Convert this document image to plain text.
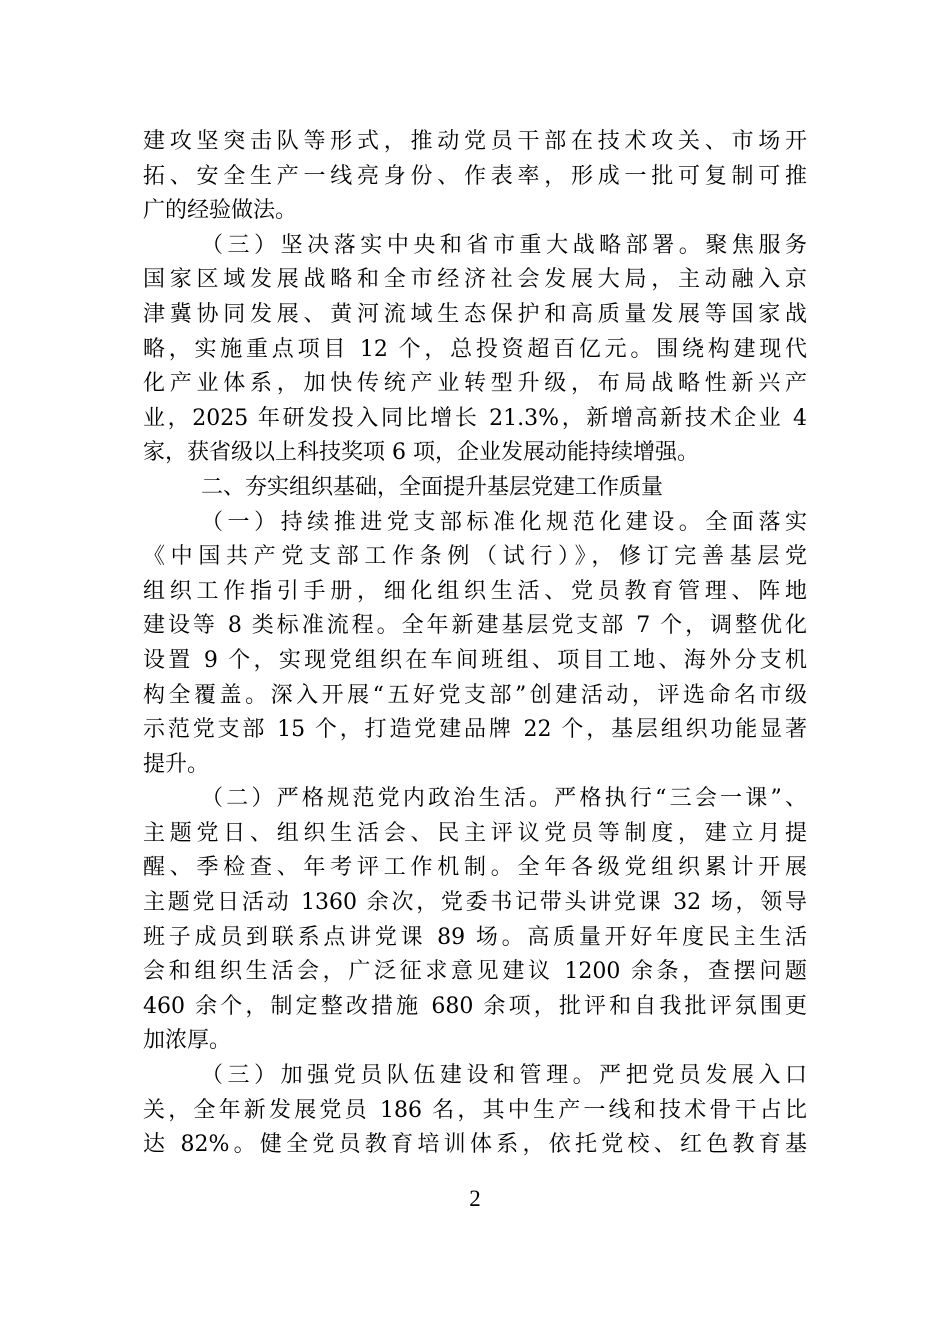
建攻坚突击队等形式，推动党员干部在技术攻关、市场开
拓、安全生产一线亮身份、作表率，形成一批可复制可推
广的经验做法。
（三）坚决落实中央和省市重大战略部署。聚焦服务
国家区域发展战略和全市经济社会发展大局，主动融入京
津冀协同发展、黄河流域生态保护和高质量发展等国家战
略，实施重点项目 12 个，总投资超百亿元。围绕构建现代
化产业体系，加快传统产业转型升级，布局战略性新兴产
业，2025 年研发投入同比增长 21.3%，新增高新技术企业 4
家，获省级以上科技奖项 6 项，企业发展动能持续增强。
二、夯实组织基础，全面提升基层党建工作质量
（一）持续推进党支部标准化规范化建设。全面落实
《中国共产党支部工作条例（试行）》，修订完善基层党
组织工作指引手册，细化组织生活、党员教育管理、阵地
建设等 8 类标准流程。全年新建基层党支部 7 个，调整优化
设置 9 个，实现党组织在车间班组、项目工地、海外分支机
构全覆盖。深入开展“五好党支部”创建活动，评选命名市级
示范党支部 15 个，打造党建品牌 22 个，基层组织功能显著
提升。
（二）严格规范党内政治生活。严格执行“三会一课”、
主题党日、组织生活会、民主评议党员等制度，建立月提
醒、季检查、年考评工作机制。全年各级党组织累计开展
主题党日活动 1360 余次，党委书记带头讲党课 32 场，领导
班子成员到联系点讲党课 89 场。高质量开好年度民主生活
会和组织生活会，广泛征求意见建议 1200 余条，查摆问题
460 余个，制定整改措施 680 余项，批评和自我批评氛围更
加浓厚。
（三）加强党员队伍建设和管理。严把党员发展入口
关，全年新发展党员 186 名，其中生产一线和技术骨干占比
达 82%。健全党员教育培训体系，依托党校、红色教育基
2
